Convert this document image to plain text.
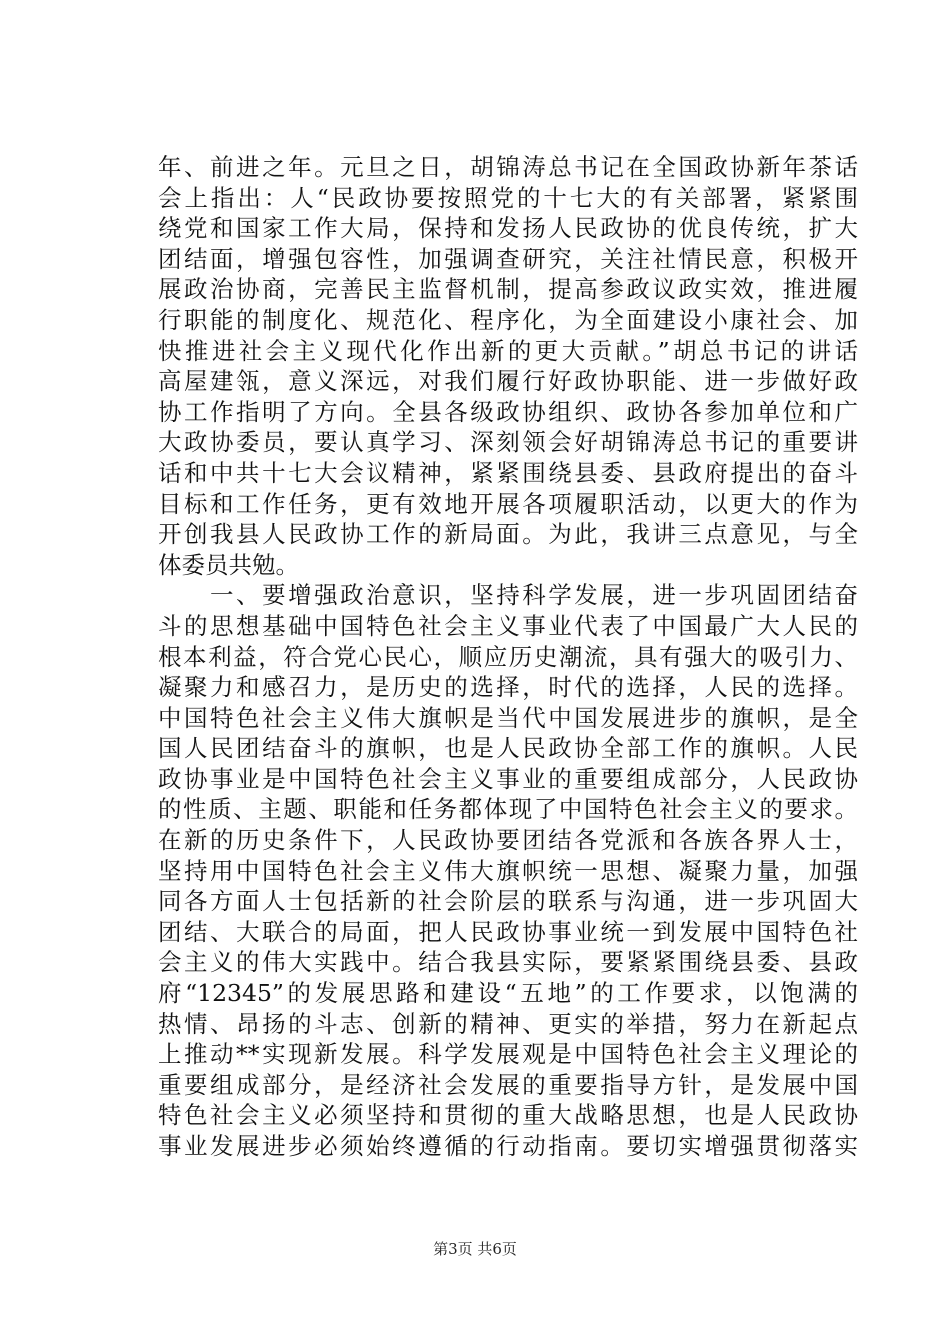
年、前进之年。元旦之日，胡锦涛总书记在全国政协新年茶话
会上指出：人“民政协要按照党的十七大的有关部署，紧紧围
绕党和国家工作大局，保持和发扬人民政协的优良传统，扩大
团结面，增强包容性，加强调查研究，关注社情民意，积极开
展政治协商，完善民主监督机制，提高参政议政实效，推进履
行职能的制度化、规范化、程序化，为全面建设小康社会、加
快推进社会主义现代化作出新的更大贡献。”胡总书记的讲话
高屋建瓴，意义深远，对我们履行好政协职能、进一步做好政
协工作指明了方向。全县各级政协组织、政协各参加单位和广
大政协委员，要认真学习、深刻领会好胡锦涛总书记的重要讲
话和中共十七大会议精神，紧紧围绕县委、县政府提出的奋斗
目标和工作任务，更有效地开展各项履职活动，以更大的作为
开创我县人民政协工作的新局面。为此，我讲三点意见，与全
体委员共勉。
　　一、要增强政治意识，坚持科学发展，进一步巩固团结奋
斗的思想基础中国特色社会主义事业代表了中国最广大人民的
根本利益，符合党心民心，顺应历史潮流，具有强大的吸引力、
凝聚力和感召力，是历史的选择，时代的选择，人民的选择。
中国特色社会主义伟大旗帜是当代中国发展进步的旗帜，是全
国人民团结奋斗的旗帜，也是人民政协全部工作的旗帜。人民
政协事业是中国特色社会主义事业的重要组成部分，人民政协
的性质、主题、职能和任务都体现了中国特色社会主义的要求。
在新的历史条件下，人民政协要团结各党派和各族各界人士，
坚持用中国特色社会主义伟大旗帜统一思想、凝聚力量，加强
同各方面人士包括新的社会阶层的联系与沟通，进一步巩固大
团结、大联合的局面，把人民政协事业统一到发展中国特色社
会主义的伟大实践中。结合我县实际，要紧紧围绕县委、县政
府“12345”的发展思路和建设“五地”的工作要求，以饱满的
热情、昂扬的斗志、创新的精神、更实的举措，努力在新起点
上推动**实现新发展。科学发展观是中国特色社会主义理论的
重要组成部分，是经济社会发展的重要指导方针，是发展中国
特色社会主义必须坚持和贯彻的重大战略思想，也是人民政协
事业发展进步必须始终遵循的行动指南。要切实增强贯彻落实
第3页 共6页
